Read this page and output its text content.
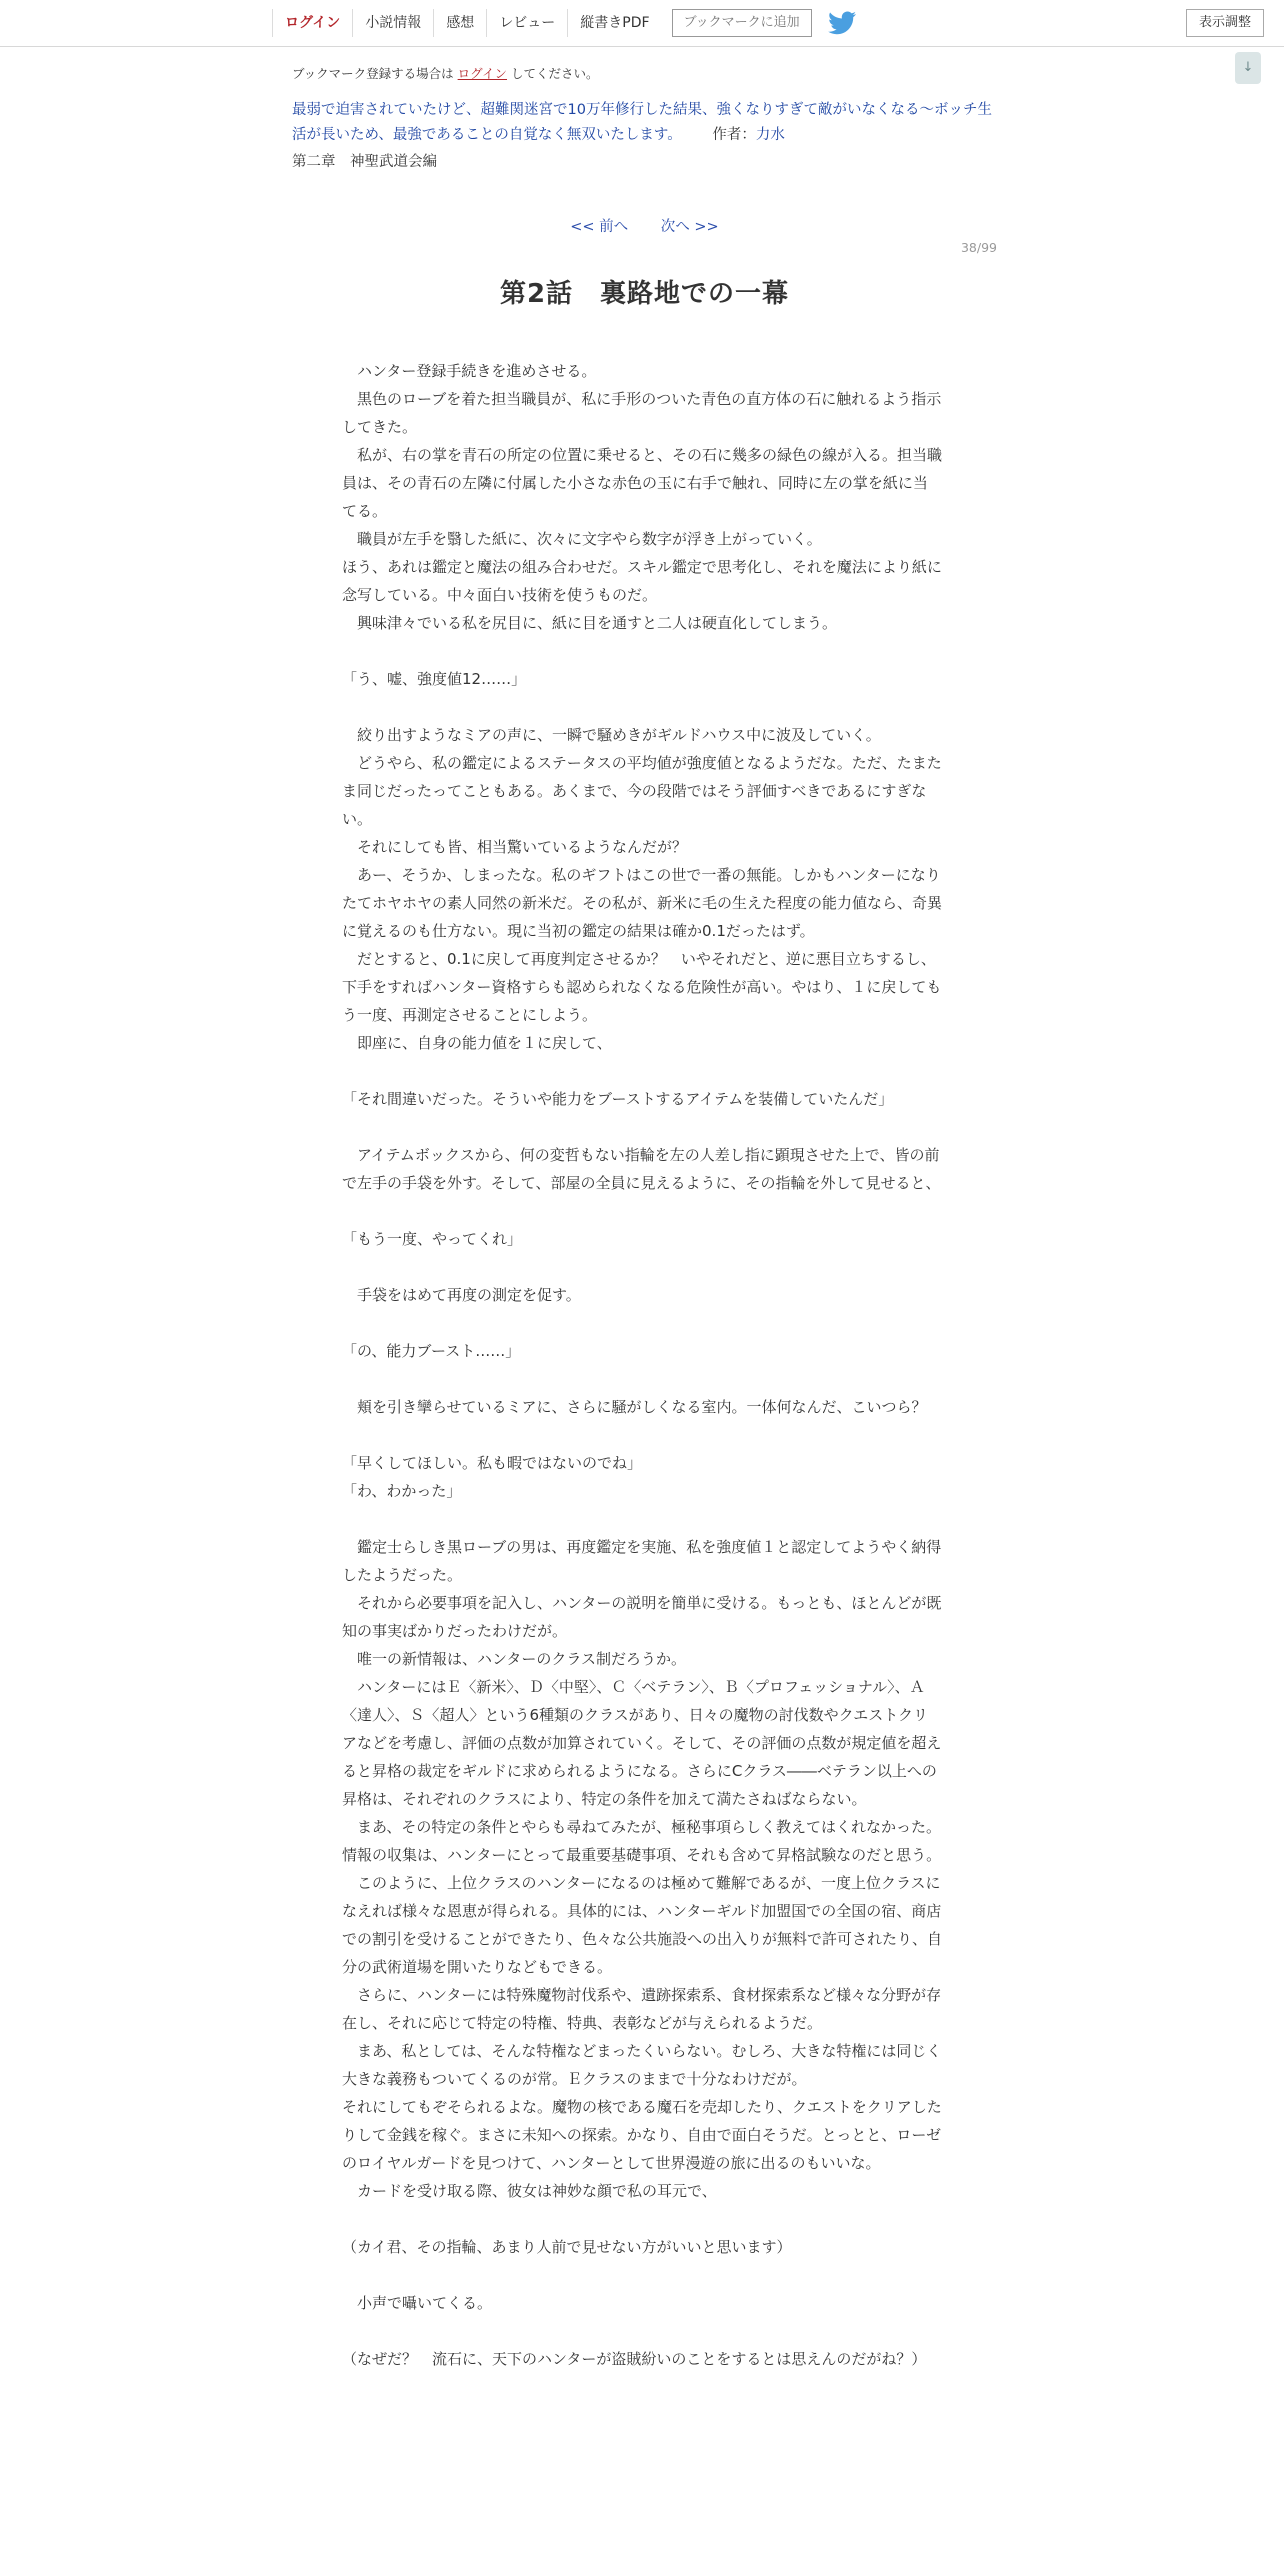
ログイン	小説情報	感想	レビュー	縦書きPDF	ブックマークに追加	表示調整
↓
ブックマーク登録する場合は ログイン してください。
最弱で迫害されていたけど、超難関迷宮で10万年修行した結果、強くなりすぎて敵がいなくなる～ボッチ生活が長いため、最強であることの自覚なく無双いたします。 作者：力水
第二章　神聖武道会編
<< 前へ 次へ >>
38/99
第2話　裏路地での一幕

　ハンター登録手続きを進めさせる。

　黒色のローブを着た担当職員が、私に手形のついた青色の直方体の石に触れるよう指示してきた。

　私が、右の掌を青石の所定の位置に乗せると、その石に幾多の緑色の線が入る。担当職員は、その青石の左隣に付属した小さな赤色の玉に右手で触れ、同時に左の掌を紙に当てる。

　職員が左手を翳した紙に、次々に文字やら数字が浮き上がっていく。

ほう、あれは鑑定と魔法の組み合わせだ。スキル鑑定で思考化し、それを魔法により紙に念写している。中々面白い技術を使うものだ。

　興味津々でいる私を尻目に、紙に目を通すと二人は硬直化してしまう。

「う、嘘、強度値12……」

　絞り出すようなミアの声に、一瞬で騒めきがギルドハウス中に波及していく。

　どうやら、私の鑑定によるステータスの平均値が強度値となるようだな。ただ、たまたま同じだったってこともある。あくまで、今の段階ではそう評価すべきであるにすぎない。

　それにしても皆、相当驚いているようなんだが？

　あー、そうか、しまったな。私のギフトはこの世で一番の無能。しかもハンターになりたてホヤホヤの素人同然の新米だ。その私が、新米に毛の生えた程度の能力値なら、奇異に覚えるのも仕方ない。現に当初の鑑定の結果は確か0.1だったはず。

　だとすると、0.1に戻して再度判定させるか？　いやそれだと、逆に悪目立ちするし、下手をすればハンター資格すらも認められなくなる危険性が高い。やはり、１に戻してもう一度、再測定させることにしよう。

　即座に、自身の能力値を１に戻して、

「それ間違いだった。そういや能力をブーストするアイテムを装備していたんだ」

　アイテムボックスから、何の変哲もない指輪を左の人差し指に顕現させた上で、皆の前で左手の手袋を外す。そして、部屋の全員に見えるように、その指輪を外して見せると、

「もう一度、やってくれ」

　手袋をはめて再度の測定を促す。

「の、能力ブースト……」

　頬を引き攣らせているミアに、さらに騒がしくなる室内。一体何なんだ、こいつら？

「早くしてほしい。私も暇ではないのでね」

「わ、わかった」

　鑑定士らしき黒ローブの男は、再度鑑定を実施、私を強度値１と認定してようやく納得したようだった。

　それから必要事項を記入し、ハンターの説明を簡単に受ける。もっとも、ほとんどが既知の事実ばかりだったわけだが。

　唯一の新情報は、ハンターのクラス制だろうか。

　ハンターにはＥ〈新米〉、Ｄ〈中堅〉、Ｃ〈ベテラン〉、Ｂ〈プロフェッショナル〉、Ａ〈達人〉、Ｓ〈超人〉という6種類のクラスがあり、日々の魔物の討伐数やクエストクリアなどを考慮し、評価の点数が加算されていく。そして、その評価の点数が規定値を超えると昇格の裁定をギルドに求められるようになる。さらにCクラス――ベテラン以上への昇格は、それぞれのクラスにより、特定の条件を加えて満たさねばならない。

　まあ、その特定の条件とやらも尋ねてみたが、極秘事項らしく教えてはくれなかった。情報の収集は、ハンターにとって最重要基礎事項、それも含めて昇格試験なのだと思う。

　このように、上位クラスのハンターになるのは極めて難解であるが、一度上位クラスになえれば様々な恩恵が得られる。具体的には、ハンターギルド加盟国での全国の宿、商店での割引を受けることができたり、色々な公共施設への出入りが無料で許可されたり、自分の武術道場を開いたりなどもできる。

　さらに、ハンターには特殊魔物討伐系や、遺跡探索系、食材探索系など様々な分野が存在し、それに応じて特定の特権、特典、表彰などが与えられるようだ。

　まあ、私としては、そんな特権などまったくいらない。むしろ、大きな特権には同じく大きな義務もついてくるのが常。Ｅクラスのままで十分なわけだが。

それにしてもぞそられるよな。魔物の核である魔石を売却したり、クエストをクリアしたりして金銭を稼ぐ。まさに未知への探索。かなり、自由で面白そうだ。とっとと、ローゼのロイヤルガードを見つけて、ハンターとして世界漫遊の旅に出るのもいいな。

　カードを受け取る際、彼女は神妙な顔で私の耳元で、

（カイ君、その指輪、あまり人前で見せない方がいいと思います）

　小声で囁いてくる。

（なぜだ？　流石に、天下のハンターが盗賊紛いのことをするとは思えんのだがね？）
